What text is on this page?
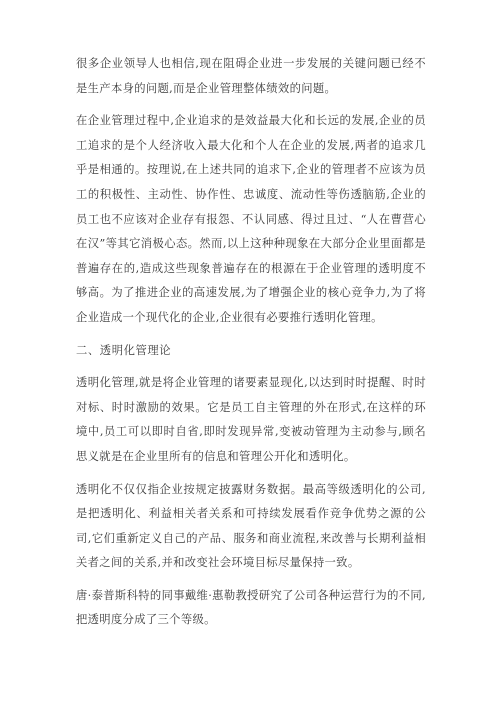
很多企业领导人也相信,现在阻碍企业进一步发展的关键问题已经不是生产本身的问题,而是企业管理整体绩效的问题。

在企业管理过程中,企业追求的是效益最大化和长远的发展,企业的员工追求的是个人经济收入最大化和个人在企业的发展,两者的追求几乎是相通的。按理说,在上述共同的追求下,企业的管理者不应该为员工的积极性、主动性、协作性、忠诚度、流动性等伤透脑筋,企业的员工也不应该对企业存有报怨、不认同感、得过且过、“人在曹营心在汉”等其它消极心态。然而,以上这种种现象在大部分企业里面都是普遍存在的,造成这些现象普遍存在的根源在于企业管理的透明度不够高。为了推进企业的高速发展,为了增强企业的核心竞争力,为了将企业造成一个现代化的企业,企业很有必要推行透明化管理。

二、透明化管理论

透明化管理,就是将企业管理的诸要素显现化,以达到时时提醒、时时对标、时时激励的效果。它是员工自主管理的外在形式,在这样的环境中,员工可以即时自省,即时发现异常,变被动管理为主动参与,顾名思义就是在企业里所有的信息和管理公开化和透明化。

透明化不仅仅指企业按规定披露财务数据。最高等级透明化的公司,是把透明化、利益相关者关系和可持续发展看作竞争优势之源的公司,它们重新定义自己的产品、服务和商业流程,来改善与长期利益相关者之间的关系,并和改变社会环境目标尽量保持一致。

唐·泰普斯科特的同事戴维·惠勒教授研究了公司各种运营行为的不同,把透明度分成了三个等级。
